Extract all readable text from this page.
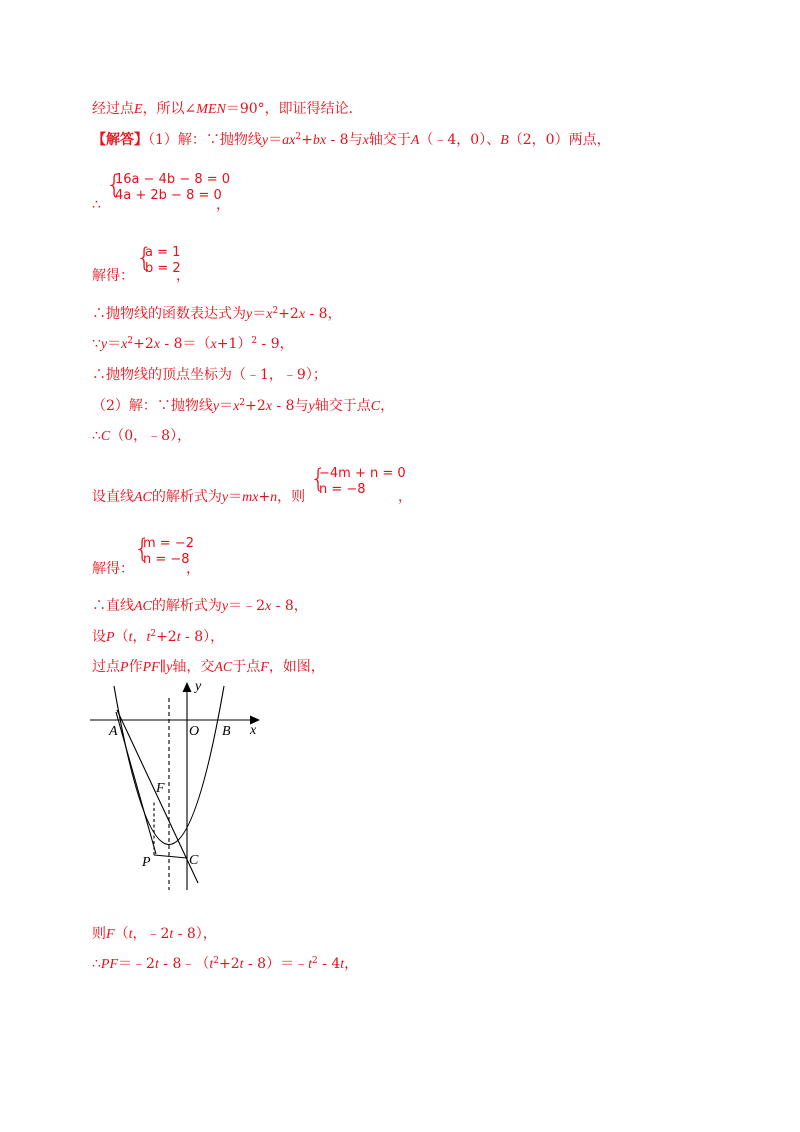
经过点E，所以∠MEN＝90°，即证得结论．
【解答】（1）解：∵抛物线$y=ax^2+bx$ ‑ 8与x轴交于A（﹣4，0）、B（2，0）两点，
∴
{
16a − 4b − 8 = 0
4a + 2b − 8 = 0
，
解得：
{
a = 1
b = 2
，
∴抛物线的函数表达式为$y=x^2+2x$ ‑ 8，
$\because y=x^2+2x$ ‑ $8=(x+1)^2$ ‑ 9，
∴抛物线的顶点坐标为（﹣1，﹣9）；
（2）解：∵抛物线$y=x^2+2x$ ‑ 8与y轴交于点C，
∴C（0，﹣8），
设直线AC的解析式为y＝mx+n，则
{
−4m + n = 0
n = −8	，
解得：
{
m = −2
n = −8
，
∴直线AC的解析式为y＝﹣2x ‑ 8，
设P（t，$t^2+2t$ ‑ 8），
过点P作PF∥y轴，交AC于点F，如图，
y
x
O
A	B
F
P	C
则F（t，﹣2t ‑ 8），
∴PF＝﹣2t ‑ $8﹣(t^2+2t$ ‑ $8)=﹣t^2$ ‑ 4t，
